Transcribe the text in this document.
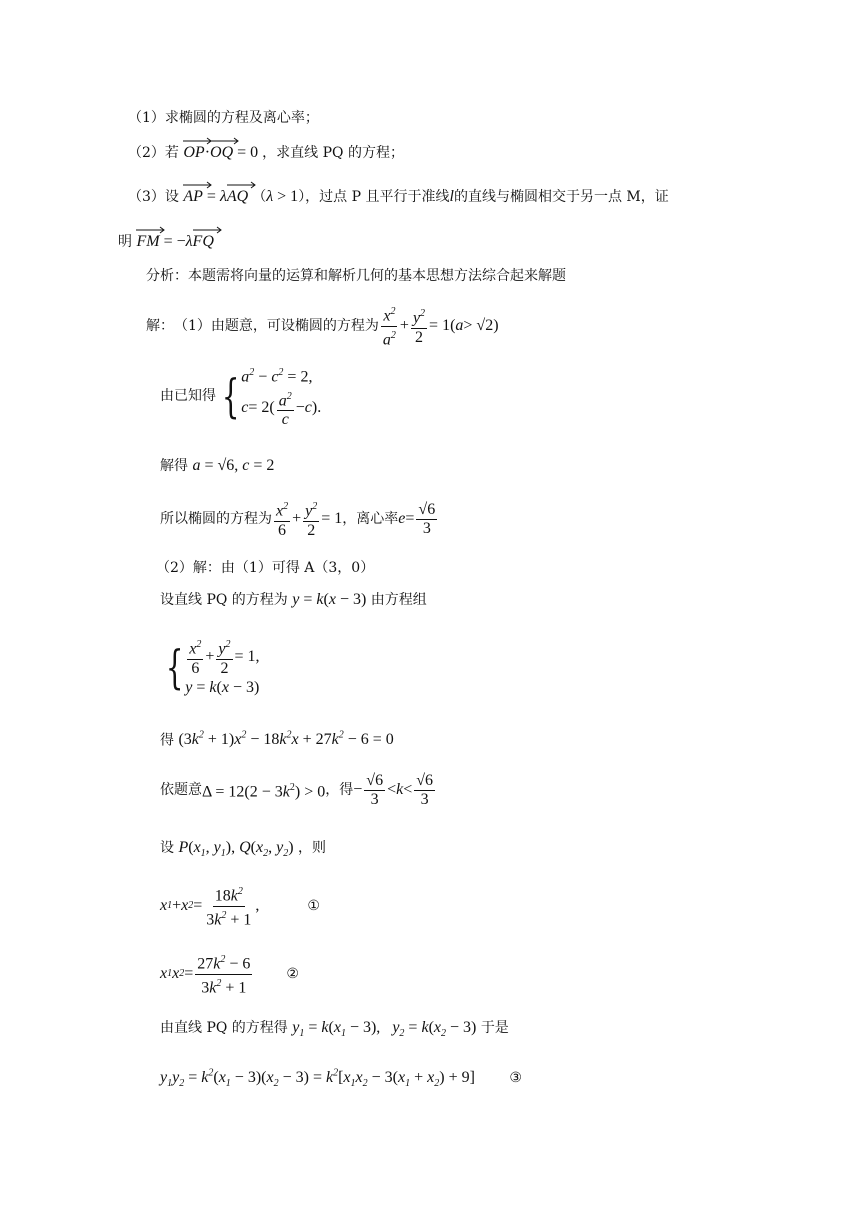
（1）求椭圆的方程及离心率；
（2）若 OP
·OQ
= 0 ，求直线 PQ 的方程；
（3）设 AP
= λAQ （λ > 1），过点 P 且平行于准线l的直线与椭圆相交于另一点 M，证
明 FM
= −λFQ
分析：本题需将向量的运算和解析几何的基本思想方法综合起来解题
解：　（1）由题意，可设椭圆的方程为 $\frac{x^2}{a^2} + \frac{y^2}{2} = 1$( a > √2)
由已知得 { $a^2 - c^2 = 2$,
$c = 2( \frac{a^2}{c} - c$ ).
解得 a = √6, c = 2
所以椭圆的方程为 $\frac{x^2}{6} + \frac{y^2}{2} = 1$ ，离心率 $e = \frac{√6}{3}$
（2）解：由（1）可得 A（3，0）
设直线 PQ 的方程为 y = k(x − 3) 由方程组
{ $\frac{x^2}{6} + \frac{y^2}{2} = 1$,
y = k(x − 3)
得 $(3k^2 + 1)x^2 - 18k^2x + 27k^2 - 6 = 0$
依题意 $\Delta = 12(2 - 3k^2) > 0$ ，得 − $\frac{√6}{3} < k < \frac{√6}{3}$
设 $P(x_1$, $y_1$), $Q(x_2$, $y_2$) ，则
x 1 + x $2 = \frac{18k^2}{3k^2 + 1}$ ,	①
x 1 x $2 = \frac{27k^2 - 6}{3k^2 + 1}$ ②
由直线 PQ 的方程得 $y_1 = k(x_1 - 3)$,   $y_2 = k(x_2 - 3)$ 于是
$y_1y_2 = k^2(x_1 - 3)(x_2 - 3) = k^2[x_1x_2 - 3(x_1 + x_2) + 9]$ ③
